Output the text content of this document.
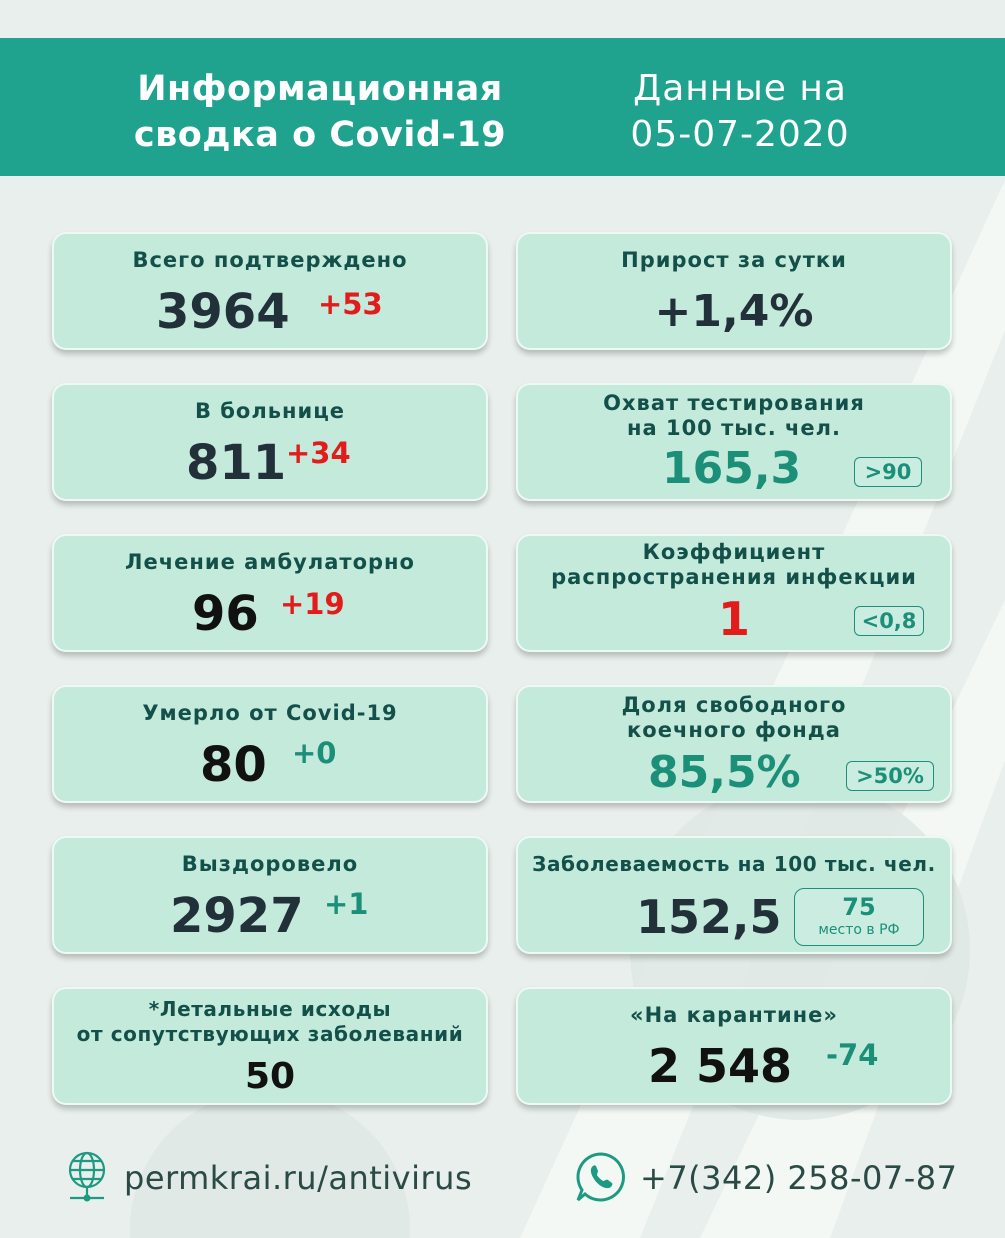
Информационная
сводка о Covid-19
Данные на
05-07-2020
Всего подтверждено
3964 +53
Прирост за сутки
+1,4%
В больнице
811 +34
Охват тестирования
на 100 тыс. чел.
165,3	>90
Лечение амбулаторно
96 +19
Коэффициент
распространения инфекции
1	<0,8
Умерло от Covid-19
80 +0
Доля свободного
коечного фонда
85,5%	>50%
Выздоровело
2927 +1
Заболеваемость на 100 тыс. чел.
152,5	75
место в РФ
*Летальные исходы
от сопутствующих заболеваний
50
«На карантине»
2 548 -74
permkrai.ru/antivirus	+7(342) 258-07-87
